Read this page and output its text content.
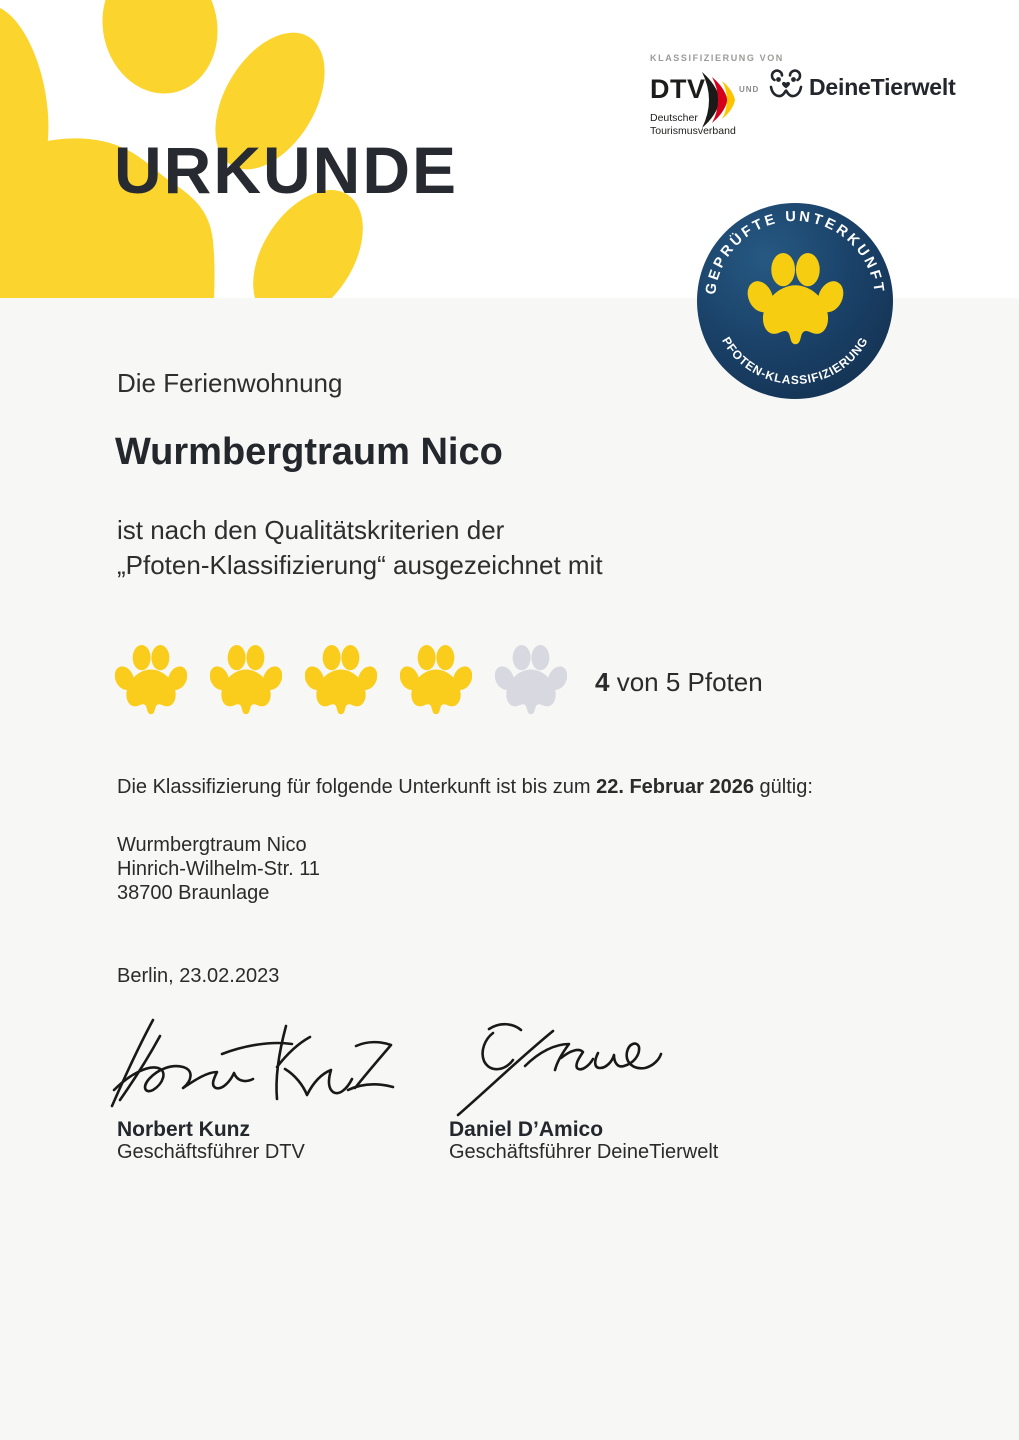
KLASSIFIZIERUNG VON
DTV
Deutscher
Tourismusverband
UND DeineTierwelt
URKUNDE
GEPRÜFTE UNTERKUNFT
PFOTEN-KLASSIFIZIERUNG
Die Ferienwohnung
Wurmbergtraum Nico
ist nach den Qualitätskriterien der
„Pfoten-Klassifizierung“ ausgezeichnet mit
4 von 5 Pfoten
Die Klassifizierung für folgende Unterkunft ist bis zum 22. Februar 2026 gültig:
Wurmbergtraum Nico
Hinrich-Wilhelm-Str. 11
38700 Braunlage
Berlin, 23.02.2023
Norbert Kunz
Geschäftsführer DTV
Daniel D’Amico
Geschäftsführer DeineTierwelt
